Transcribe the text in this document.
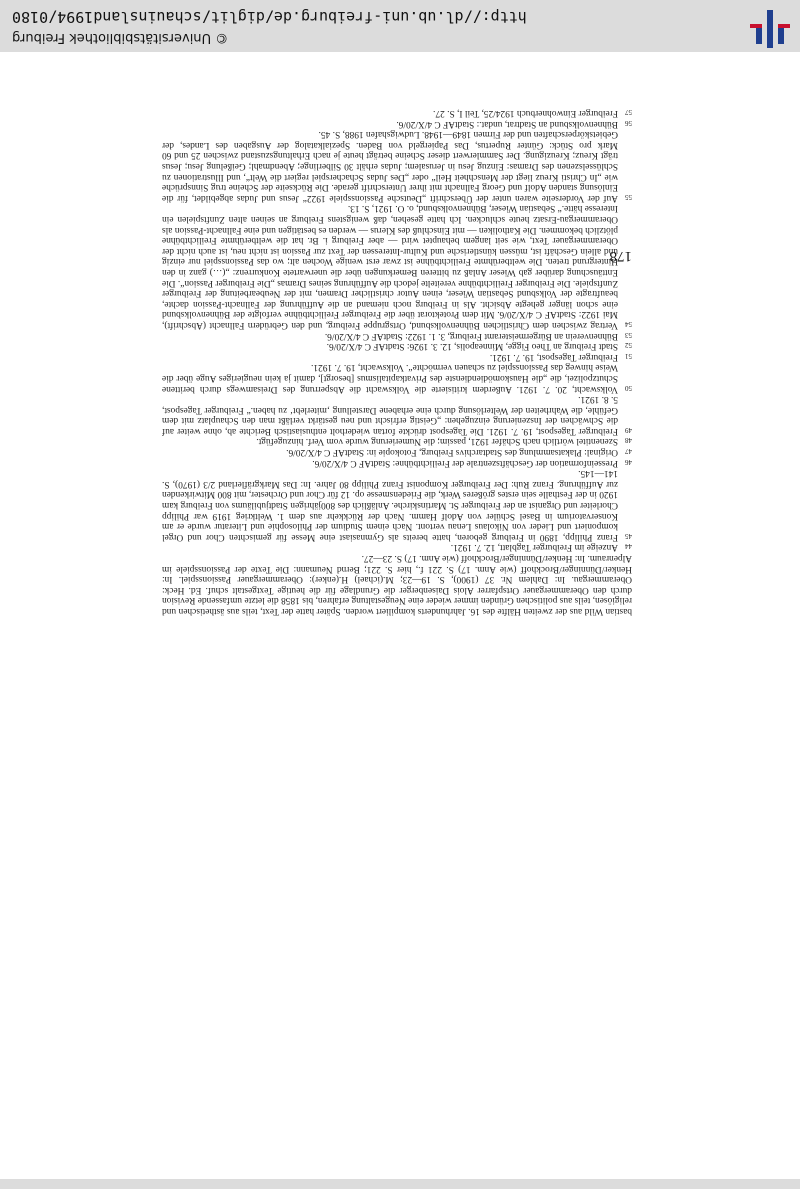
bastian Wild aus der zweiten Hälfte des 16. Jahrhunderts kompiliert worden. Später hatte der Text, teils aus ästhetischen und religiösen, teils aus politischen Gründen immer wieder eine Neugestaltung erfahren, bis 1858 die letzte umfassende Revision durch den Oberammergauer Ortspfarrer Alois Daisenberger die Grundlage für die heutige Textgestalt schuf. Ed. Heck: Oberammergau. In: Dahlem Nr. 37 (1900), S. 19—23; M.(ichael) H.(enker): Oberammergauer Passionsspiel. In: Henker/Dünninger/Brockhoff (wie Anm. 17) S. 221 f., hier S. 221; Bernd Neumann: Die Texte der Passionsspiele im Alpenraum. In: Henker/Dünninger/Brockhoff (wie Anm. 17) S. 23—27.

44
Anzeige im Freiburger Tagblatt, 12. 7. 1921.

45
Franz Philipp, 1890 in Freiburg geboren, hatte bereits als Gymnasiast eine Messe für gemischten Chor und Orgel komponiert und Lieder von Nikolaus Lenau vertont. Nach einem Studium der Philosophie und Literatur wurde er am Konservatorium in Basel Schüler von Adolf Hamm. Nach der Rückkehr aus dem 1. Weltkrieg 1919 war Philipp Chorleiter und Organist an der Freiburger St. Martinskirche. Anläßlich des 800jährigen Stadtjubiläums von Freiburg kam 1920 in der Festhalle sein erstes größeres Werk, die Friedensmesse op. 12 für Chor und Orchester, mit 800 Mitwirkenden zur Aufführung. Franz Ruh: Der Freiburger Komponist Franz Philipp 80 Jahre. In: Das Markgräflerland 2/3 (1970), S. 141—145.

46
Presseinformation der Geschäftszentrale der Freilichtbühne: StadtAF C 4/X/20/6.

47
Original: Plakatsammlung des Stadtarchivs Freiburg, Fotokopie in: StadtAF C 4/X/20/6.

48
Szenentitel wörtlich nach Schäfer 1921, passim; die Numerierung wurde vom Verf. hinzugefügt.

49
Freiburger Tagespost, 19. 7. 1921. Die Tagespost drückte fortan wiederholt enthusiastisch Berichte ab, ohne weiter auf die Schwächen der Inszenierung einzugehen: „Geistig erfrischt und neu gestärkt verläßt man den Schauplatz mit dem Gefühle, die Wahrheiten der Welterlösung durch eine erhabene Darstellung ‚miterlebt‘ zu haben.“ Freiburger Tagespost, 5. 8. 1921.

50
Volkswacht, 20. 7. 1921. Außerdem kritisierte die Volkswacht die Absperrung des Dreisamwegs durch berittene Schutzpolizei, die „die Hauskomödiendienste des Privatkapitalismus [besorgt], damit ja kein neugieriges Auge über die Weise hinweg das Passionsspiel zu schauen vermöchte“. Volkswacht, 19. 7. 1921.

51
Freiburger Tagespost, 19. 7. 1921.

52
Stadt Freiburg an Theo Figge, Minneapolis, 12. 3. 1926: StadtAF C 4/X/20/6.

53
Bühnenverein an Bürgermeisteramt Freiburg, 3. 1. 1922: StadtAF C 4/X/20/6.

54
Vertrag zwischen dem Christlichen Bühnenvolksbund, Ortsgruppe Freiburg, und den Gebrüdern Fallnacht (Abschrift), Mai 1922: StadtAF C 4/X/20/6. Mit dem Protektorat über die Freiburger Freilichtbühne verfolgte der Bühnenvolksbund eine schon länger gehegte Absicht. Als in Freiburg noch niemand an die Aufführung der Fallnacht-Passion dachte, beauftragte der Volksbund Sebastian Wieser, einen Autor christlicher Dramen, mit der Neubearbeitung der Freiburger Zunftspiele. Die Freiburger Freilichtbühne vereitelte jedoch die Aufführung seines Dramas „Die Freiburger Passion“. Die Enttäuschung darüber gab Wieser Anlaß zu bitteren Bemerkungen über die unerwartete Konkurrenz: „(…) ganz in den Hintergrund treten. Die weltberühmte Freilichtbühne ist zwar erst wenige Wochen alt; wo das Passionsspiel nur einzig und allein Geschäft ist, müssen künstlerische und Kultur-Interessen der Text zur Passion ist nicht neu, ist auch nicht der Oberammergauer Text, wie seit langem behauptet wird — aber Freiburg i. Br. hat die weltberühmte Freilichtbühne plötzlich bekommen. Die Katholiken — mit Einschluß des Klerus — werden es bestätigen und eine Fallnacht-Passion als Oberammergau-Ersatz heute schlucken. Ich hatte gesehen, daß wenigstens Freiburg an seinen alten Zunftspielen ein Interesse hätte.“ Sebastian Wieser, Bühnenvolksbund, o. O. 1921, S. 13.

55
Auf der Vorderseite waren unter der Überschrift „Deutsche Passionsspiele 1922“ Jesus und Judas abgebildet, für die Einlösung standen Adolf und Georg Fallnacht mit ihrer Unterschrift gerade. Die Rückseite der Scheine trug Sinnsprüche wie „In Christi Kreuz liegt der Menschheit Heil“ oder „Des Judas Schacherspiel regiert die Welt“, und Illustrationen zu Schlüsselszenen des Dramas: Einzug Jesu in Jerusalem; Judas erhält 30 Silberlinge; Abendmahl; Geißelung Jesu; Jesus trägt Kreuz; Kreuzigung. Der Sammlerwert dieser Scheine beträgt heute je nach Erhaltungszustand zwischen 25 und 60 Mark pro Stück: Günter Rupertus, Das Papiergeld von Baden. Spezialkatalog der Ausgaben des Landes, der Gebietskörperschaften und der Firmen 1849—1948. Ludwigshafen 1988, S. 45.

56
Bühnenvolksbund an Stadtrat, undat.: StadtAF C 4/X/20/6.

57
Freiburger Einwohnerbuch 1924/25, Teil I, S. 27.

178
© Universitätsbibliothek Freiburg
http://dl.ub.uni-freiburg.de/diglit/schauinsland1994/0180
